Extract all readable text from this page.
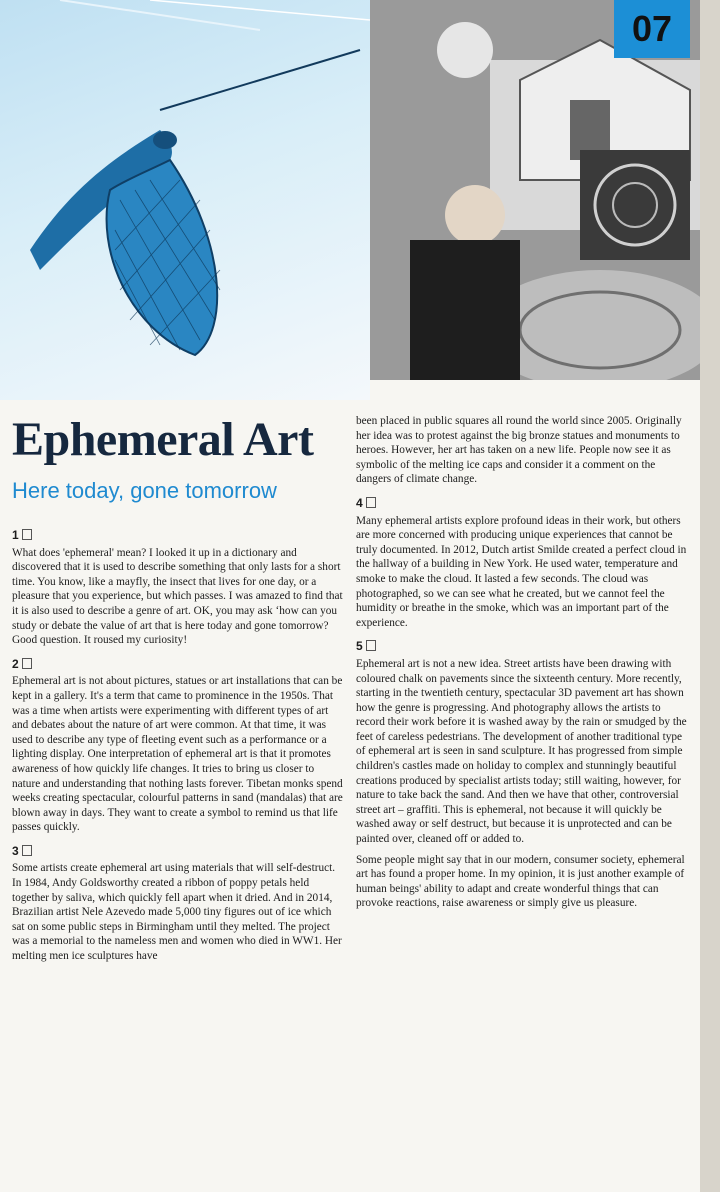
07
Ephemeral Art
Here today, gone tomorrow
1

What does 'ephemeral' mean? I looked it up in a dictionary and discovered that it is used to describe something that only lasts for a short time. You know, like a mayfly, the insect that lives for one day, or a pleasure that you experience, but which passes. I was amazed to find that it is also used to describe a genre of art. OK, you may ask ‘how can you study or debate the value of art that is here today and gone tomorrow? Good question. It roused my curiosity!

2

Ephemeral art is not about pictures, statues or art installations that can be kept in a gallery. It's a term that came to prominence in the 1950s. That was a time when artists were experimenting with different types of art and debates about the nature of art were common. At that time, it was used to describe any type of fleeting event such as a performance or a lighting display. One interpretation of ephemeral art is that it promotes awareness of how quickly life changes. It tries to bring us closer to nature and understanding that nothing lasts forever. Tibetan monks spend weeks creating spectacular, colourful patterns in sand (mandalas) that are blown away in days. They want to create a symbol to remind us that life passes quickly.

3

Some artists create ephemeral art using materials that will self-destruct. In 1984, Andy Goldsworthy created a ribbon of poppy petals held together by saliva, which quickly fell apart when it dried. And in 2014, Brazilian artist Nele Azevedo made 5,000 tiny figures out of ice which sat on some public steps in Birmingham until they melted. The project was a memorial to the nameless men and women who died in WW1. Her melting men ice sculptures have

been placed in public squares all round the world since 2005. Originally her idea was to protest against the big bronze statues and monuments to heroes. However, her art has taken on a new life. People now see it as symbolic of the melting ice caps and consider it a comment on the dangers of climate change.

4

Many ephemeral artists explore profound ideas in their work, but others are more concerned with producing unique experiences that cannot be truly documented. In 2012, Dutch artist Smilde created a perfect cloud in the hallway of a building in New York. He used water, temperature and smoke to make the cloud. It lasted a few seconds. The cloud was photographed, so we can see what he created, but we cannot feel the humidity or breathe in the smoke, which was an important part of the experience.

5

Ephemeral art is not a new idea. Street artists have been drawing with coloured chalk on pavements since the sixteenth century. More recently, starting in the twentieth century, spectacular 3D pavement art has shown how the genre is progressing. And photography allows the artists to record their work before it is washed away by the rain or smudged by the feet of careless pedestrians. The development of another traditional type of ephemeral art is seen in sand sculpture. It has progressed from simple children's castles made on holiday to complex and stunningly beautiful creations produced by specialist artists today; still waiting, however, for nature to take back the sand. And then we have that other, controversial street art – graffiti. This is ephemeral, not because it will quickly be washed away or self destruct, but because it is unprotected and can be painted over, cleaned off or added to.

Some people might say that in our modern, consumer society, ephemeral art has found a proper home. In my opinion, it is just another example of human beings' ability to adapt and create wonderful things that can provoke reactions, raise awareness or simply give us pleasure.
